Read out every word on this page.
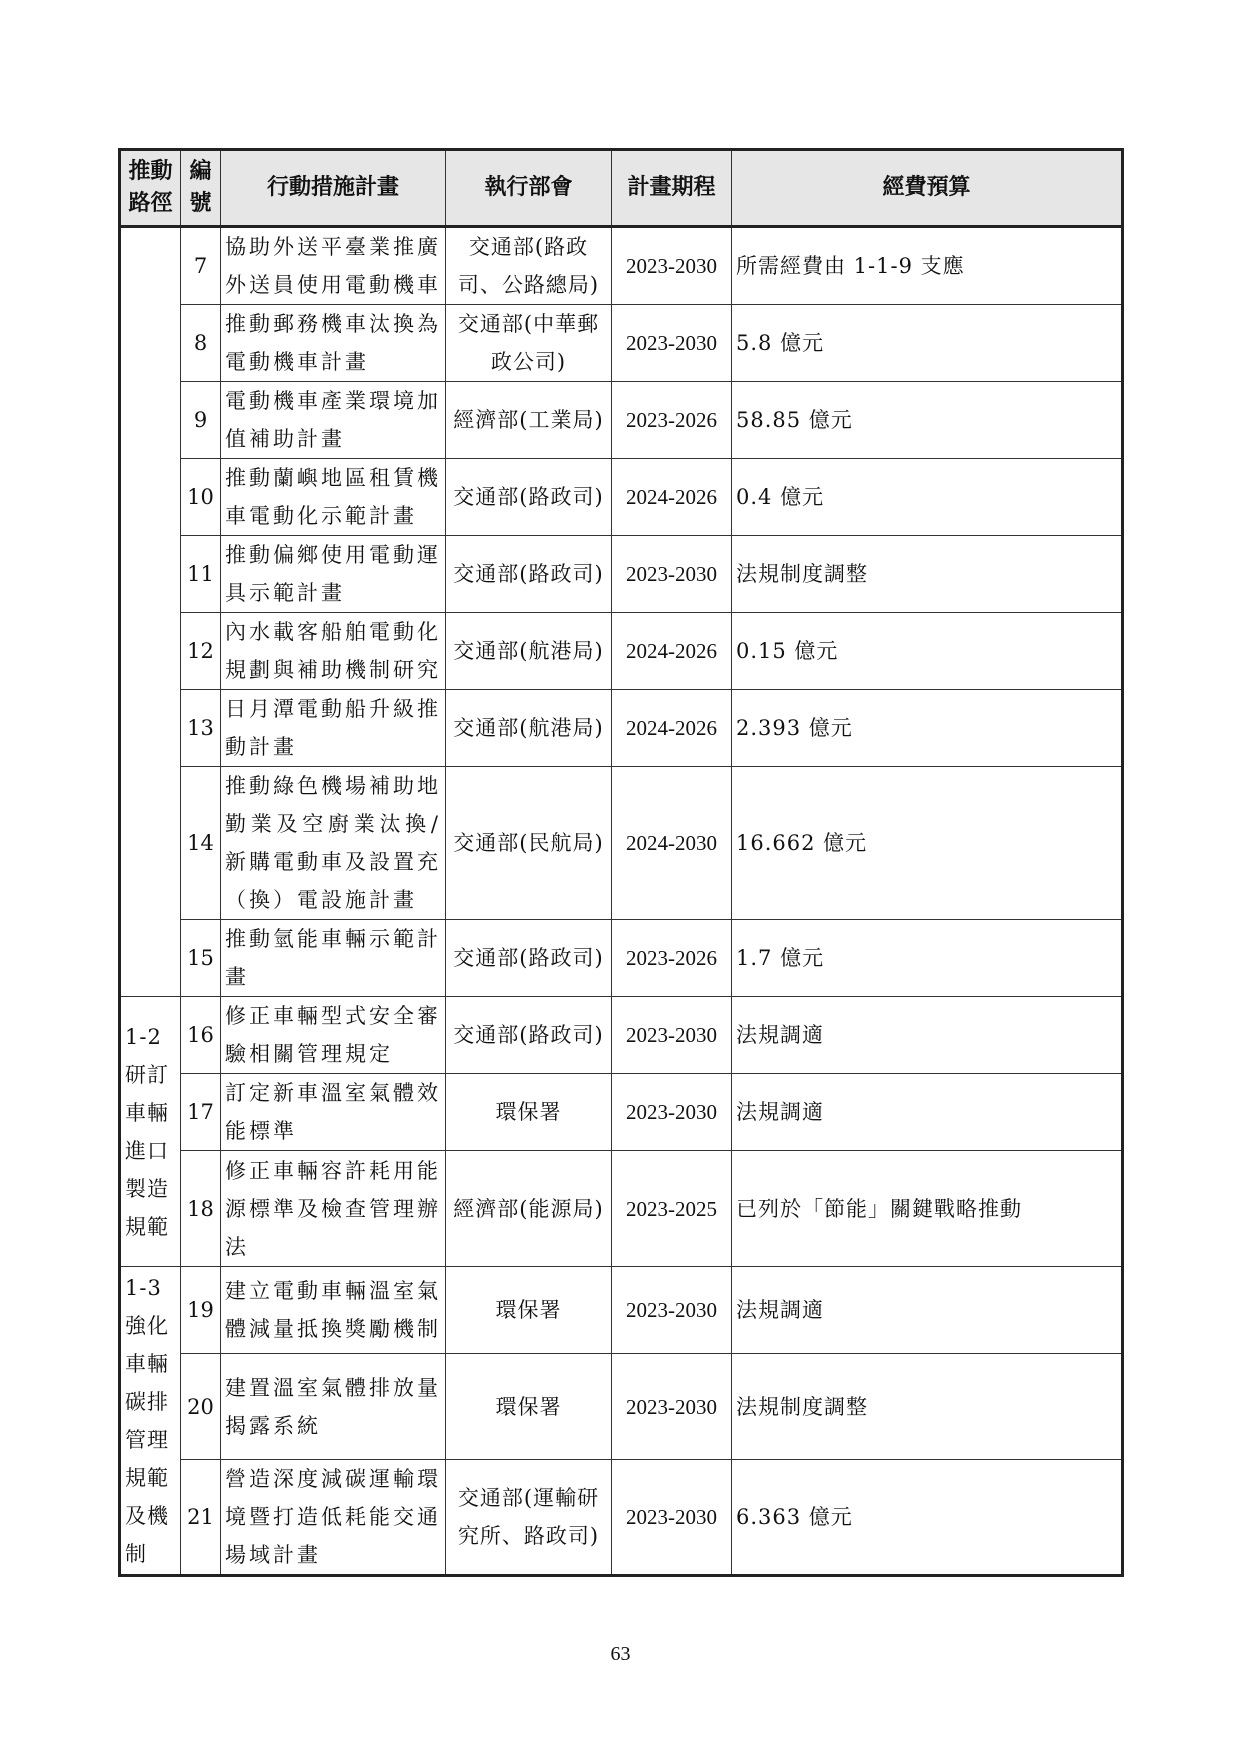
推動路徑	編號	行動措施計畫	執行部會	計畫期程	經費預算
	7	協助外送平臺業推廣外送員使用電動機車	交通部(路政司、公路總局)	2023-2030	所需經費由 1-1-9 支應
	8	推動郵務機車汰換為電動機車計畫	交通部(中華郵政公司)	2023-2030	5.8 億元
	9	電動機車產業環境加值補助計畫	經濟部(工業局)	2023-2026	58.85 億元
	10	推動蘭嶼地區租賃機車電動化示範計畫	交通部(路政司)	2024-2026	0.4 億元
	11	推動偏鄉使用電動運具示範計畫	交通部(路政司)	2023-2030	法規制度調整
	12	內水載客船舶電動化規劃與補助機制研究	交通部(航港局)	2024-2026	0.15 億元
	13	日月潭電動船升級推動計畫	交通部(航港局)	2024-2026	2.393 億元
	14	推動綠色機場補助地勤業及空廚業汰換/新購電動車及設置充（換）電設施計畫	交通部(民航局)	2024-2030	16.662 億元
	15	推動氫能車輛示範計畫	交通部(路政司)	2023-2026	1.7 億元
1-2 研訂車輛進口製造規範	16	修正車輛型式安全審驗相關管理規定	交通部(路政司)	2023-2030	法規調適
	17	訂定新車溫室氣體效能標準	環保署	2023-2030	法規調適
	18	修正車輛容許耗用能源標準及檢查管理辦法	經濟部(能源局)	2023-2025	已列於「節能」關鍵戰略推動
1-3 強化車輛碳排管理規範及機制	19	建立電動車輛溫室氣體減量抵換獎勵機制	環保署	2023-2030	法規調適
	20	建置溫室氣體排放量揭露系統	環保署	2023-2030	法規制度調整
	21	營造深度減碳運輸環境暨打造低耗能交通場域計畫	交通部(運輸研究所、路政司)	2023-2030	6.363 億元
63
